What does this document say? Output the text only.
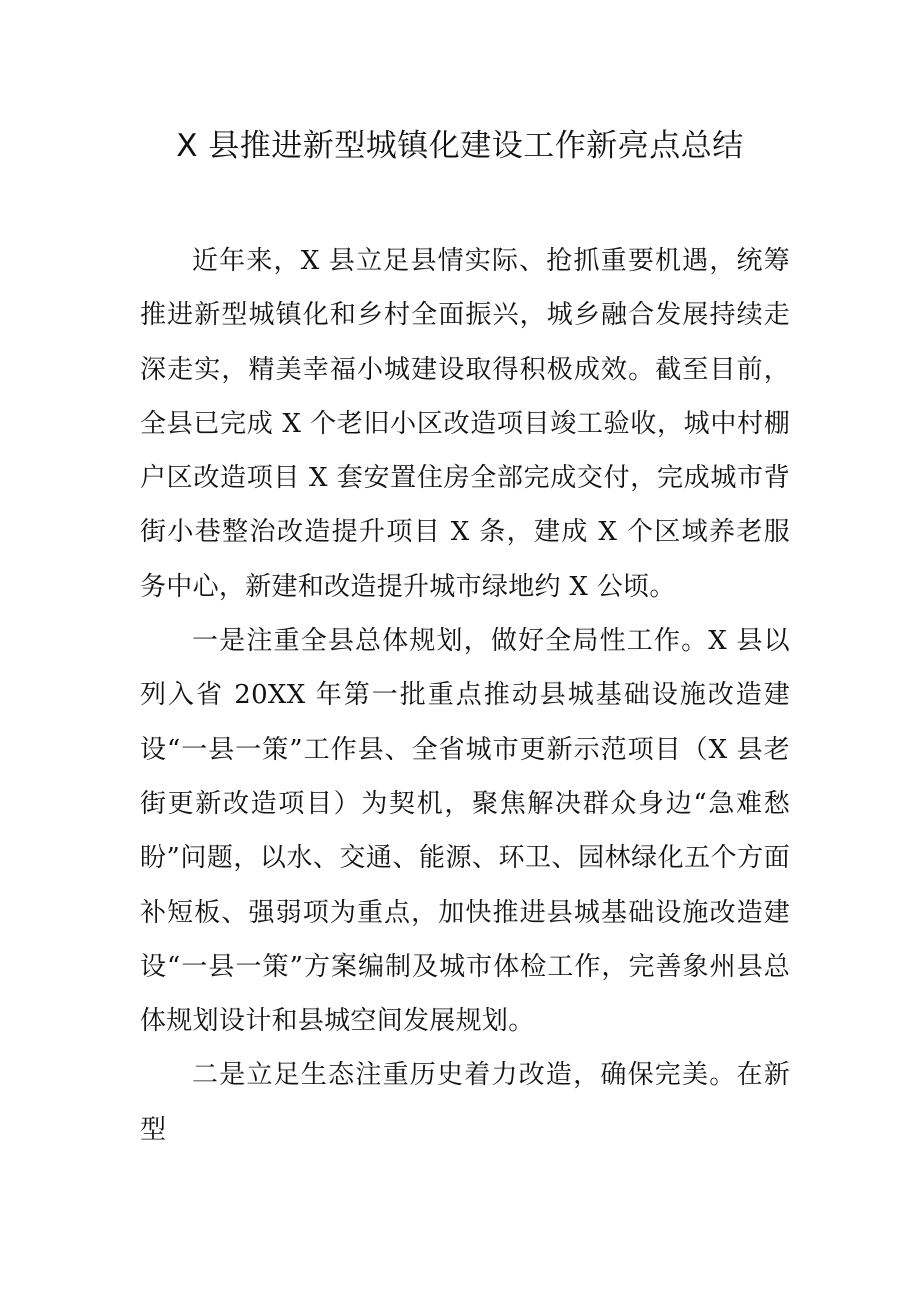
X 县推进新型城镇化建设工作新亮点总结

近年来，X 县立足县情实际、抢抓重要机遇，统筹推进新型城镇化和乡村全面振兴，城乡融合发展持续走深走实，精美幸福小城建设取得积极成效。截至目前，全县已完成 X 个老旧小区改造项目竣工验收，城中村棚户区改造项目 X 套安置住房全部完成交付，完成城市背街小巷整治改造提升项目 X 条，建成 X 个区域养老服务中心，新建和改造提升城市绿地约 X 公顷。

一是注重全县总体规划，做好全局性工作。X 县以列入省 20XX 年第一批重点推动县城基础设施改造建设“一县一策”工作县、全省城市更新示范项目（X 县老街更新改造项目）为契机，聚焦解决群众身边“急难愁盼”问题，以水、交通、能源、环卫、园林绿化五个方面补短板、强弱项为重点，加快推进县城基础设施改造建设“一县一策”方案编制及城市体检工作，完善象州县总体规划设计和县城空间发展规划。

二是立足生态注重历史着力改造，确保完美。在新型
